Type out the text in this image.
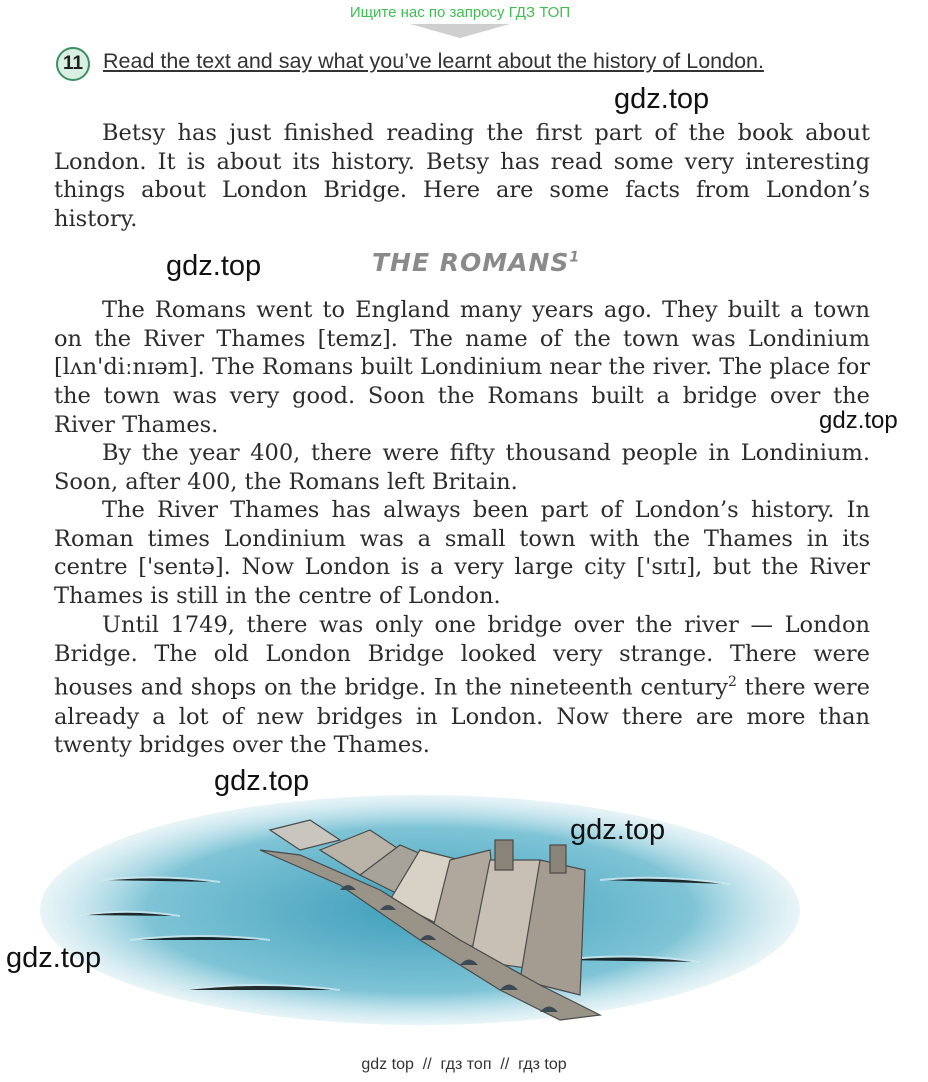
Ищите нас по запросу ГДЗ ТОП
11 Read the text and say what you’ve learnt about the history of London.
gdz.top

Betsy has just finished reading the first part of the book about London. It is about its history. Betsy has read some very interesting things about London Bridge. Here are some facts from London’s history.

gdz.top	THE ROMANS$^1$

The Romans went to England many years ago. They built a town on the River Thames [temz]. The name of the town was Londinium [lʌn'diːnɪəm]. The Romans built Londinium near the river. The place for the town was very good. Soon the Romans built a bridge over the River Thames.	gdz.top

By the year 400, there were fifty thousand people in Londinium. Soon, after 400, the Romans left Britain.

The River Thames has always been part of London’s history. In Roman times Londinium was a small town with the Thames in its centre ['sentə]. Now London is a very large city ['sɪtɪ], but the River Thames is still in the centre of London.

Until 1749, there was only one bridge over the river — London Bridge. The old London Bridge looked very strange. There were houses and shops on the bridge. In the nineteenth century$^2$ there were already a lot of new bridges in London. Now there are more than twenty bridges over the Thames.

gdz.top
gdz.top
gdz.top
gdz top  //  гдз топ  //  гдз top
